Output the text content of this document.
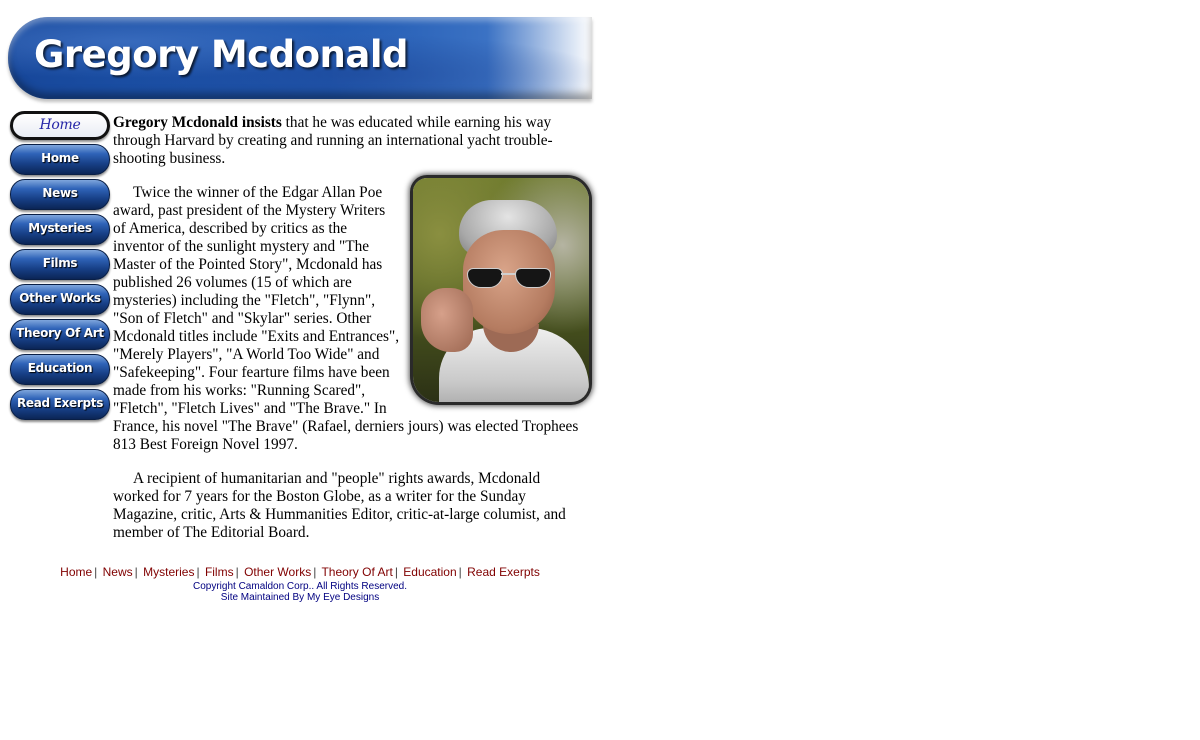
Gregory Mcdonald
Home
Home
News
Mysteries
Films
Other Works
Theory Of Art
Education
Read Exerpts

Gregory Mcdonald insists that he was educated while earning his way through Harvard by creating and running an international yacht trouble-shooting business.

Twice the winner of the Edgar Allan Poe award, past president of the Mystery Writers of America, described by critics as the inventor of the sunlight mystery and "The Master of the Pointed Story", Mcdonald has published 26 volumes (15 of which are mysteries) including the "Fletch", "Flynn", "Son of Fletch" and "Skylar" series. Other Mcdonald titles include "Exits and Entrances", "Merely Players", "A World Too Wide" and "Safekeeping". Four fearture films have been made from his works: "Running Scared", "Fletch", "Fletch Lives" and "The Brave." In France, his novel "The Brave" (Rafael, derniers jours) was elected Trophees 813 Best Foreign Novel 1997.

A recipient of humanitarian and "people" rights awards, Mcdonald worked for 7 years for the Boston Globe, as a writer for the Sunday Magazine, critic, Arts & Hummanities Editor, critic-at-large columist, and member of The Editorial Board.

Home | News | Mysteries | Films | Other Works | Theory Of Art | Education | Read Exerpts
Copyright Camaldon Corp.. All Rights Reserved.
Site Maintained By My Eye Designs
